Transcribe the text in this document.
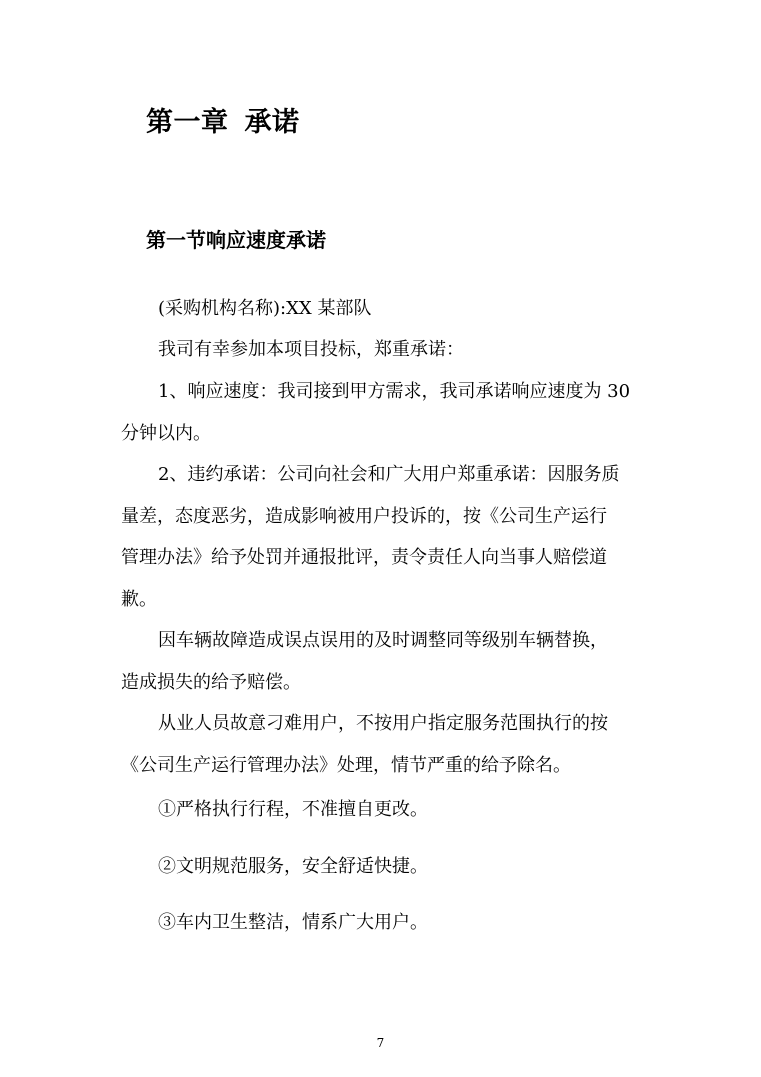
第一章 承诺
第一节响应速度承诺
(采购机构名称):XX 某部队
我司有幸参加本项目投标，郑重承诺：
1、响应速度：我司接到甲方需求，我司承诺响应速度为 30
分钟以内。
2、违约承诺：公司向社会和广大用户郑重承诺：因服务质
量差，态度恶劣，造成影响被用户投诉的，按《公司生产运行
管理办法》给予处罚并通报批评，责令责任人向当事人赔偿道
歉。
因车辆故障造成误点误用的及时调整同等级别车辆替换，
造成损失的给予赔偿。
从业人员故意刁难用户，不按用户指定服务范围执行的按
《公司生产运行管理办法》处理，情节严重的给予除名。
①严格执行行程，不准擅自更改。
②文明规范服务，安全舒适快捷。
③车内卫生整洁，情系广大用户。
7
